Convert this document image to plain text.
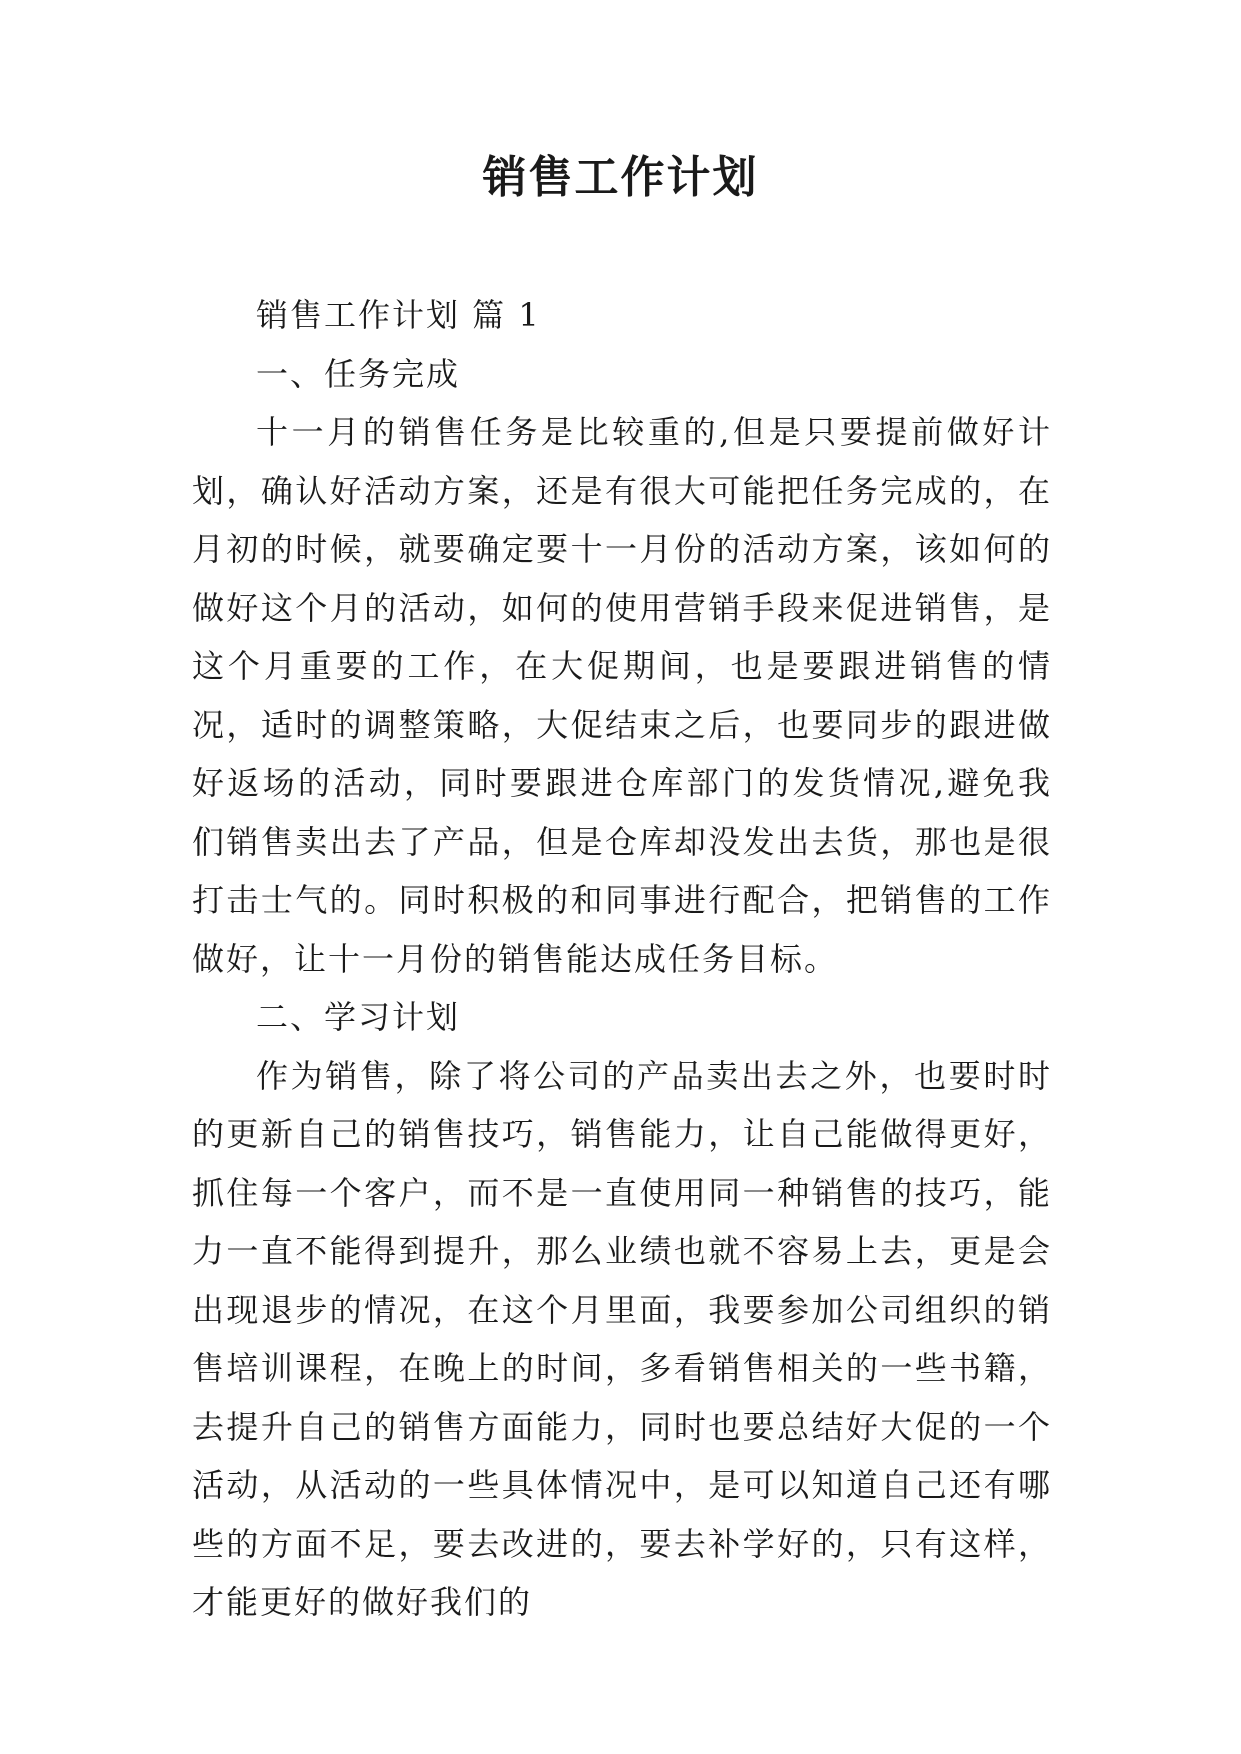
销售工作计划

销售工作计划 篇 1

一、任务完成

十一月的销售任务是比较重的,但是只要提前做好计划，确认好活动方案，还是有很大可能把任务完成的，在月初的时候，就要确定要十一月份的活动方案，该如何的做好这个月的活动，如何的使用营销手段来促进销售，是这个月重要的工作，在大促期间，也是要跟进销售的情况，适时的调整策略，大促结束之后，也要同步的跟进做好返场的活动，同时要跟进仓库部门的发货情况,避免我们销售卖出去了产品，但是仓库却没发出去货，那也是很打击士气的。同时积极的和同事进行配合，把销售的工作做好，让十一月份的销售能达成任务目标。

二、学习计划

作为销售，除了将公司的产品卖出去之外，也要时时的更新自己的销售技巧，销售能力，让自己能做得更好，抓住每一个客户，而不是一直使用同一种销售的技巧，能力一直不能得到提升，那么业绩也就不容易上去，更是会出现退步的情况，在这个月里面，我要参加公司组织的销售培训课程，在晚上的时间，多看销售相关的一些书籍，去提升自己的销售方面能力，同时也要总结好大促的一个活动，从活动的一些具体情况中，是可以知道自己还有哪些的方面不足，要去改进的，要去补学好的，只有这样，才能更好的做好我们的
